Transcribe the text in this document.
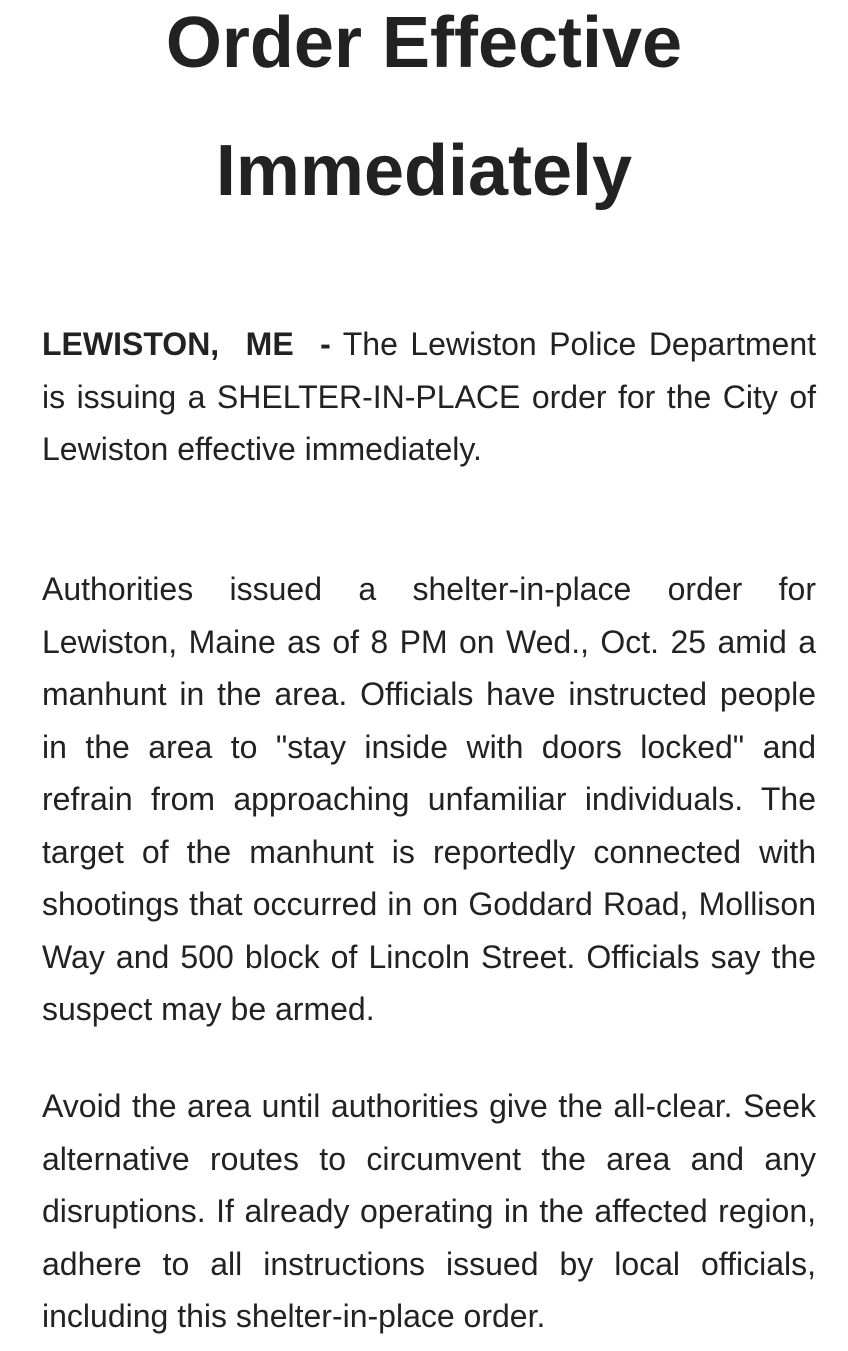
Order Effective
Immediately

LEWISTON, ME - The Lewiston Police Department is issuing a SHELTER-IN-PLACE order for the City of Lewiston effective immediately.

Authorities issued a shelter-in-place order for Lewiston, Maine as of 8 PM on Wed., Oct. 25 amid a manhunt in the area. Officials have instructed people in the area to "stay inside with doors locked" and refrain from approaching unfamiliar individuals. The target of the manhunt is reportedly connected with shootings that occurred in on Goddard Road, Mollison Way and 500 block of Lincoln Street. Officials say the suspect may be armed.

Avoid the area until authorities give the all-clear. Seek alternative routes to circumvent the area and any disruptions. If already operating in the affected region, adhere to all instructions issued by local officials, including this shelter-in-place order.
